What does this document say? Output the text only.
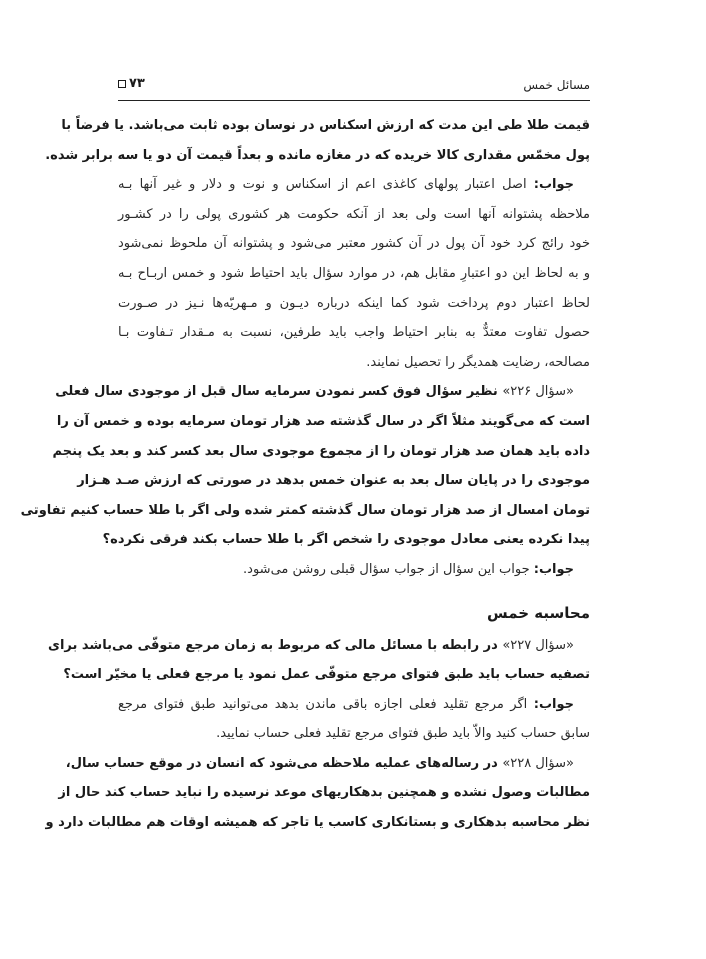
مسائل خمس
۷۳
قیمت طلا طی این مدت که ارزش اسکناس در نوسان بوده ثابت می‌باشد. یا فرضاً با
پول مخمّس مقداری کالا خریده که در مغازه مانده و بعداً قیمت آن دو یا سه برابر شده.
جواب: اصل اعتبار پولهای کاغذی اعم از اسکناس و نوت و دلار و غیر آنها بـه
ملاحظه پشتوانه آنها است ولی بعد از آنکه حکومت هر کشوری پولی را در کشـور
خود رائج کرد خود آن پول در آن کشور معتبر می‌شود و پشتوانه آن ملحوظ نمی‌شود
و به لحاظ این دو اعتبارِ مقابل هم، در موارد سؤال باید احتیاط شود و خمس اربـاح بـه
لحاظ اعتبار دوم پرداخت شود کما اینکه درباره دیـون و مـهریّه‌ها نـیز در صـورت
حصول تفاوت معتدٌّ به بنابر احتیاط واجب باید طرفین، نسبت به مـقدار تـفاوت بـا
مصالحه، رضایت همدیگر را تحصیل نمایند.
«سؤال ۲۲۶» نظیر سؤال فوق کسر نمودن سرمایه سال قبل از موجودی سال فعلی
است که می‌گویند مثلاً اگر در سال گذشته صد هزار تومان سرمایه بوده و خمس آن را
داده باید همان صد هزار تومان را از مجموع موجودی سال بعد کسر کند و بعد یک پنجم
موجودی را در پایان سال بعد به عنوان خمس بدهد در صورتی که ارزش صـد هـزار
تومان امسال از صد هزار تومان سال گذشته کمتر شده ولی اگر با طلا حساب کنیم تفاوتی
پیدا نکرده یعنی معادل موجودی را شخص اگر با طلا حساب بکند فرقی نکرده؟
جواب: جواب این سؤال از جواب سؤال قبلی روشن می‌شود.
محاسبه خمس
«سؤال ۲۲۷» در رابطه با مسائل مالی که مربوط به زمان مرجع متوفّی می‌باشد برای
تصفیه حساب باید طبق فتوای مرجع متوفّی عمل نمود یا مرجع فعلی یا مخیّر است؟
جواب: اگر مرجع تقلید فعلی اجازه باقی ماندن بدهد می‌توانید طبق فتوای مرجع
سابق حساب کنید والاّ باید طبق فتوای مرجع تقلید فعلی حساب نمایید.
«سؤال ۲۲۸» در رساله‌های عملیه ملاحظه می‌شود که انسان در موقع حساب سال،
مطالبات وصول نشده و همچنین بدهکاریهای موعد نرسیده را نباید حساب کند حال از
نظر محاسبه بدهکاری و بستانکاری کاسب یا تاجر که همیشه اوقات هم مطالبات دارد و
